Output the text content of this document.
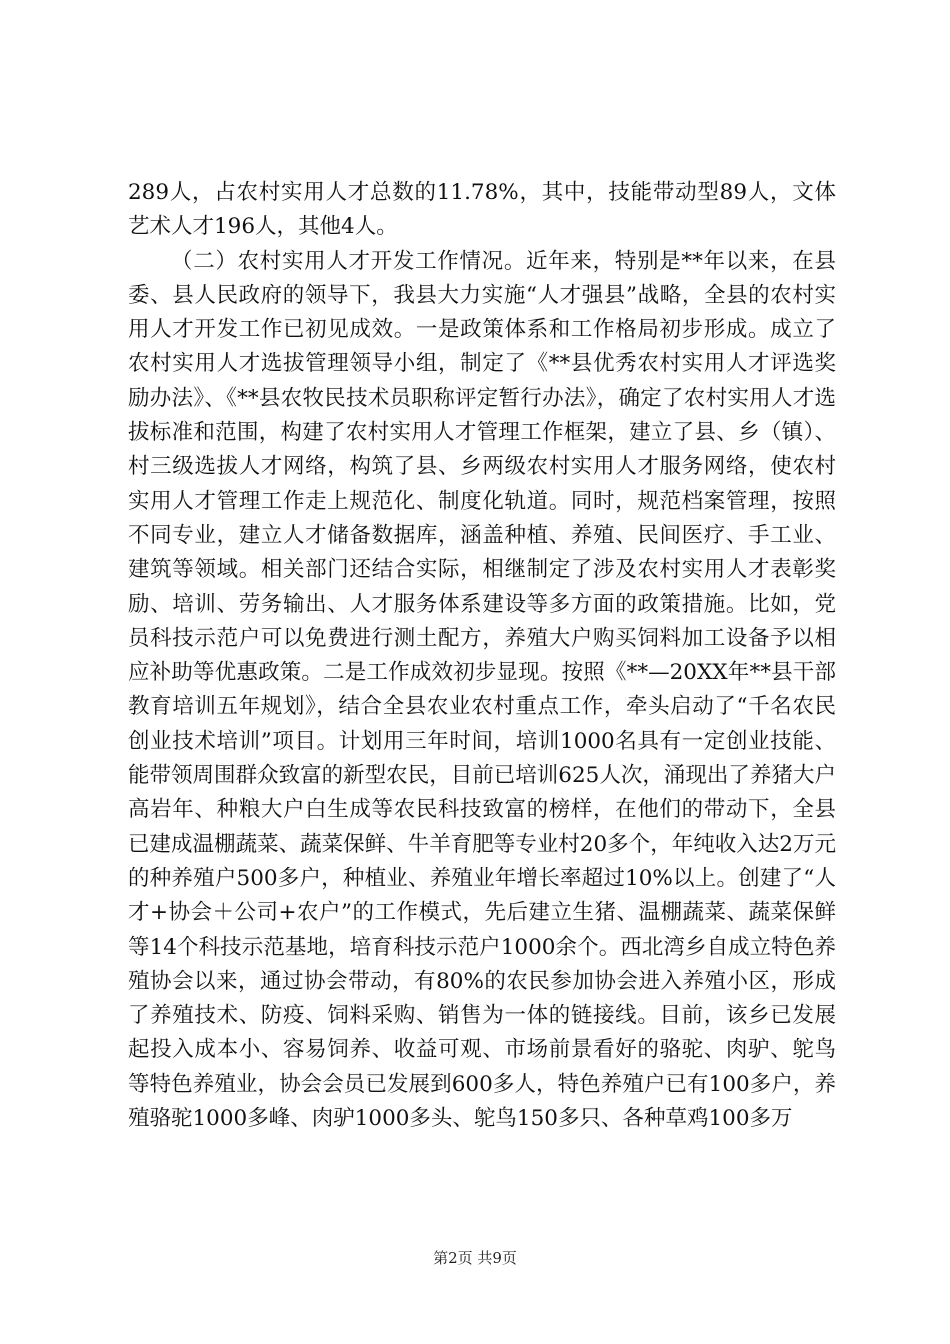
289人，占农村实用人才总数的11.78%，其中，技能带动型89人，文体艺术人才196人，其他4人。

（二）农村实用人才开发工作情况。近年来，特别是**年以来，在县委、县人民政府的领导下，我县大力实施“人才强县”战略，全县的农村实用人才开发工作已初见成效。一是政策体系和工作格局初步形成。成立了农村实用人才选拔管理领导小组，制定了《**县优秀农村实用人才评选奖励办法》、《**县农牧民技术员职称评定暂行办法》，确定了农村实用人才选拔标准和范围，构建了农村实用人才管理工作框架，建立了县、乡（镇）、村三级选拔人才网络，构筑了县、乡两级农村实用人才服务网络，使农村实用人才管理工作走上规范化、制度化轨道。同时，规范档案管理，按照不同专业，建立人才储备数据库，涵盖种植、养殖、民间医疗、手工业、建筑等领域。相关部门还结合实际，相继制定了涉及农村实用人才表彰奖励、培训、劳务输出、人才服务体系建设等多方面的政策措施。比如，党员科技示范户可以免费进行测土配方，养殖大户购买饲料加工设备予以相应补助等优惠政策。二是工作成效初步显现。按照《**—20XX年**县干部教育培训五年规划》，结合全县农业农村重点工作，牵头启动了“千名农民创业技术培训”项目。计划用三年时间，培训1000名具有一定创业技能、能带领周围群众致富的新型农民，目前已培训625人次，涌现出了养猪大户高岩年、种粮大户白生成等农民科技致富的榜样，在他们的带动下，全县已建成温棚蔬菜、蔬菜保鲜、牛羊育肥等专业村20多个，年纯收入达2万元的种养殖户500多户，种植业、养殖业年增长率超过10%以上。创建了“人才+协会＋公司+农户”的工作模式，先后建立生猪、温棚蔬菜、蔬菜保鲜等14个科技示范基地，培育科技示范户1000余个。西北湾乡自成立特色养殖协会以来，通过协会带动，有80%的农民参加协会进入养殖小区，形成了养殖技术、防疫、饲料采购、销售为一体的链接线。目前，该乡已发展起投入成本小、容易饲养、收益可观、市场前景看好的骆驼、肉驴、鸵鸟等特色养殖业，协会会员已发展到600多人，特色养殖户已有100多户，养殖骆驼1000多峰、肉驴1000多头、鸵鸟150多只、各种草鸡100多万

第2页 共9页
